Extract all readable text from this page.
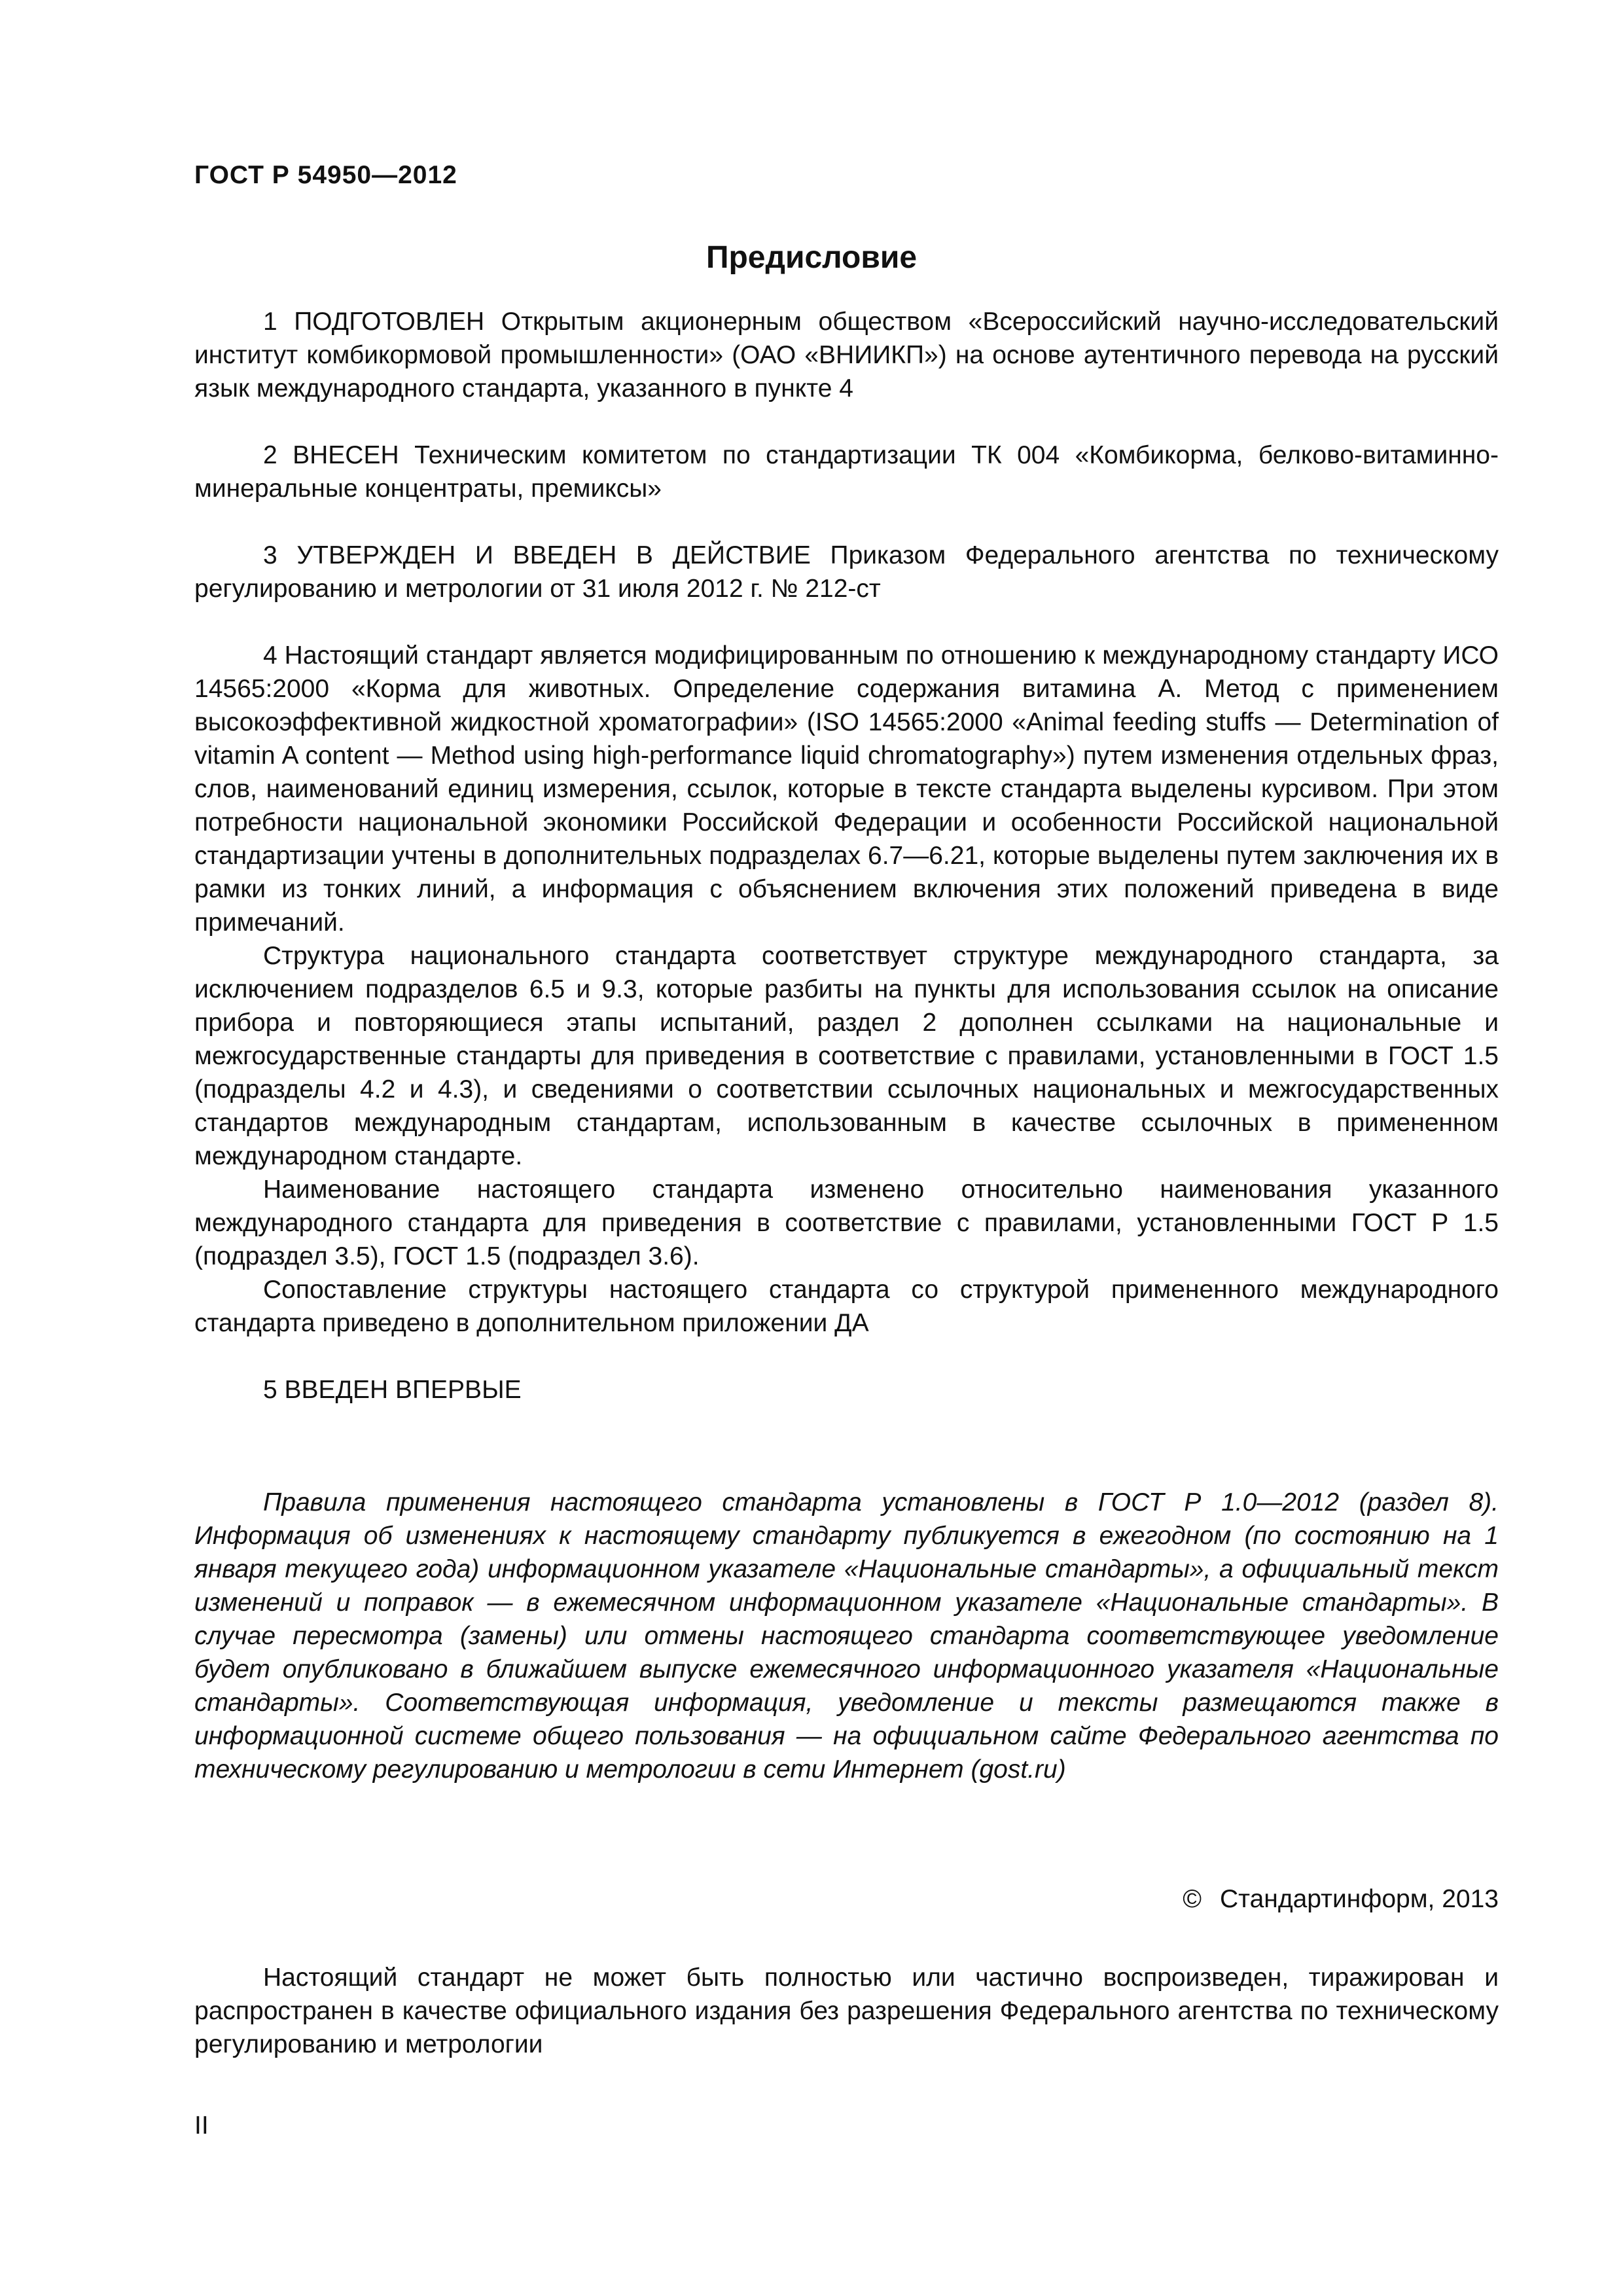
ГОСТ Р 54950—2012
Предисловие

1 ПОДГОТОВЛЕН Открытым акционерным обществом «Всероссийский научно-исследовательский институт комбикормовой промышленности» (ОАО «ВНИИКП») на основе аутентичного перевода на русский язык международного стандарта, указанного в пункте 4

2 ВНЕСЕН Техническим комитетом по стандартизации ТК 004 «Комбикорма, белково-витаминно-минеральные концентраты, премиксы»

3 УТВЕРЖДЕН И ВВЕДЕН В ДЕЙСТВИЕ Приказом Федерального агентства по техническому регулированию и метрологии от 31 июля 2012 г. № 212-ст

4 Настоящий стандарт является модифицированным по отношению к международному стандарту ИСО 14565:2000 «Корма для животных. Определение содержания витамина А. Метод с применением высокоэффективной жидкостной хроматографии» (ISO 14565:2000 «Animal feeding stuffs — Determination of vitamin A content — Method using high-performance liquid chromatography») путем изменения отдельных фраз, слов, наименований единиц измерения, ссылок, которые в тексте стандарта выделены курсивом. При этом потребности национальной экономики Российской Федерации и особенности Российской национальной стандартизации учтены в дополнительных подразделах 6.7—6.21, которые выделены путем заключения их в рамки из тонких линий, а информация с объяснением включения этих положений приведена в виде примечаний.

Структура национального стандарта соответствует структуре международного стандарта, за исключением подразделов 6.5 и 9.3, которые разбиты на пункты для использования ссылок на описание прибора и повторяющиеся этапы испытаний, раздел 2 дополнен ссылками на национальные и межгосударственные стандарты для приведения в соответствие с правилами, установленными в ГОСТ 1.5 (подразделы 4.2 и 4.3), и сведениями о соответствии ссылочных национальных и межгосударственных стандартов международным стандартам, использованным в качестве ссылочных в примененном международном стандарте.

Наименование настоящего стандарта изменено относительно наименования указанного международного стандарта для приведения в соответствие с правилами, установленными ГОСТ Р 1.5 (подраздел 3.5), ГОСТ 1.5 (подраздел 3.6).

Сопоставление структуры настоящего стандарта со структурой примененного международного стандарта приведено в дополнительном приложении ДА

5 ВВЕДЕН ВПЕРВЫЕ

Правила применения настоящего стандарта установлены в ГОСТ Р 1.0—2012 (раздел 8). Информация об изменениях к настоящему стандарту публикуется в ежегодном (по состоянию на 1 января текущего года) информационном указателе «Национальные стандарты», а официальный текст изменений и поправок — в ежемесячном информационном указателе «Национальные стандарты». В случае пересмотра (замены) или отмены настоящего стандарта соответствующее уведомление будет опубликовано в ближайшем выпуске ежемесячного информационного указателя «Национальные стандарты». Соответствующая информация, уведомление и тексты размещаются также в информационной системе общего пользования — на официальном сайте Федерального агентства по техническому регулированию и метрологии в сети Интернет (gost.ru)

© Стандартинформ, 2013

Настоящий стандарт не может быть полностью или частично воспроизведен, тиражирован и распространен в качестве официального издания без разрешения Федерального агентства по техническому регулированию и метрологии

II
